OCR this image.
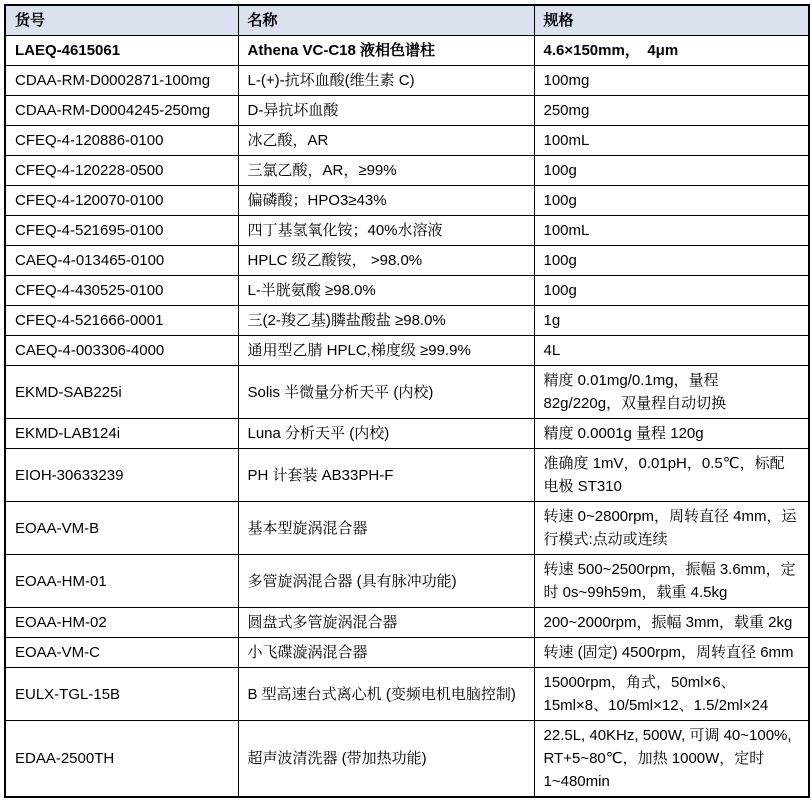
货号	名称	规格
LAEQ-4615061	Athena VC-C18 液相色谱柱	4.6×150mm，　4μm
CDAA-RM-D0002871-100mg	L-(+)-抗坏血酸(维生素 C)	100mg
CDAA-RM-D0004245-250mg	D-异抗坏血酸	250mg
CFEQ-4-120886-0100	冰乙酸，AR	100mL
CFEQ-4-120228-0500	三氯乙酸，AR，≥99%	100g
CFEQ-4-120070-0100	偏磷酸；HPO3≥43%	100g
CFEQ-4-521695-0100	四丁基氢氧化铵；40%水溶液	100mL
CAEQ-4-013465-0100	HPLC 级乙酸铵， >98.0%	100g
CFEQ-4-430525-0100	L-半胱氨酸 ≥98.0%	100g
CFEQ-4-521666-0001	三(2-羧乙基)膦盐酸盐 ≥98.0%	1g
CAEQ-4-003306-4000	通用型乙腈 HPLC,梯度级 ≥99.9%	4L
EKMD-SAB225i	Solis 半微量分析天平 (内校)	精度 0.01mg/0.1mg，量程 82g/220g，双量程自动切换
EKMD-LAB124i	Luna 分析天平 (内校)	精度 0.0001g 量程 120g
EIOH-30633239	PH 计套装 AB33PH-F	准确度 1mV，0.01pH，0.5℃，标配电极 ST310
EOAA-VM-B	基本型旋涡混合器	转速 0~2800rpm，周转直径 4mm，运行模式:点动或连续
EOAA-HM-01	多管旋涡混合器 (具有脉冲功能)	转速 500~2500rpm，振幅 3.6mm，定时 0s~99h59m，载重 4.5kg
EOAA-HM-02	圆盘式多管旋涡混合器	200~2000rpm，振幅 3mm，载重 2kg
EOAA-VM-C	小飞碟漩涡混合器	转速 (固定) 4500rpm，周转直径 6mm
EULX-TGL-15B	B 型高速台式离心机 (变频电机电脑控制)	15000rpm，角式，50ml×6、15ml×8、10/5ml×12、1.5/2ml×24
EDAA-2500TH	超声波清洗器 (带加热功能)	22.5L, 40KHz, 500W, 可调 40~100%, RT+5~80℃，加热 1000W，定时 1~480min
